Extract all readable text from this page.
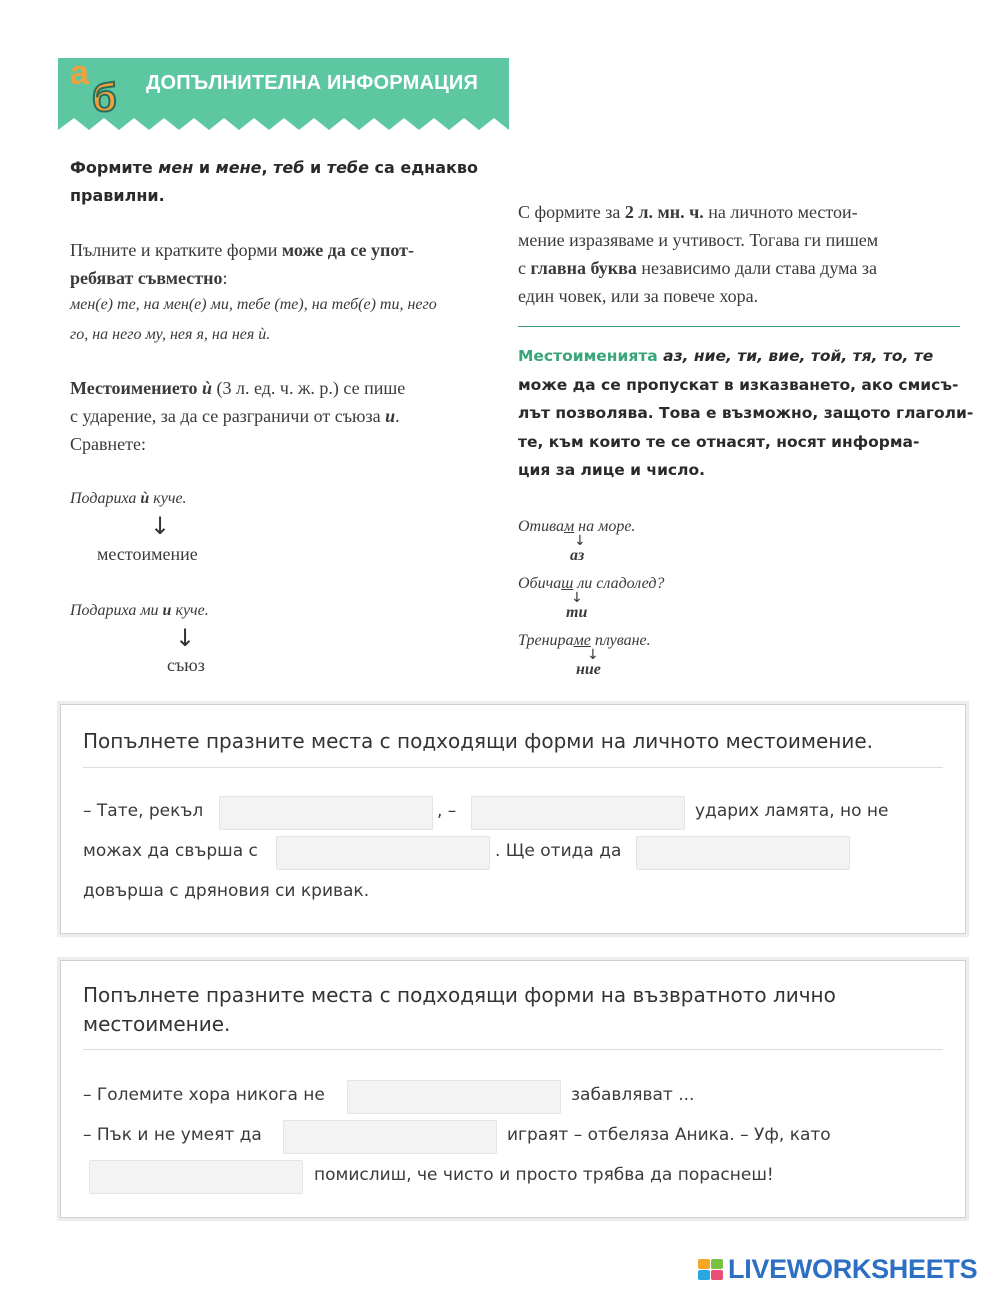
а
б ДОПЪЛНИТЕЛНА ИНФОРМАЦИЯ
Формите мен и мене, теб и тебе са еднакво
правилни.
Пълните и кратките форми може да се упот-
ребяват съвместно:
мен(е) те, на мен(е) ми, тебе (те), на теб(е) ти, него
го, на него му, нея я, на нея ѝ.
Местоимението ѝ (3 л. ед. ч. ж. р.) се пише
с ударение, за да се разграничи от съюза и.
Сравнете:
Подариха ѝ куче.
↓
местоимение
Подариха ми и куче.
↓
съюз
С формите за 2 л. мн. ч. на личното местои-
мение изразяваме и учтивост. Тогава ги пишем
с главна буква независимо дали става дума за
един човек, или за повече хора.
Местоименията аз, ние, ти, вие, той, тя, то, те
може да се пропускат в изказването, ако смисъ-
лът позволява. Това е възможно, защото глаголи-
те, към които те се отнасят, носят информа-
ция за лице и число.
Отивам на море.
↓
аз
Обичаш ли сладолед?
↓
ти
Тренираме плуване.
↓
ние
Попълнете празните места с подходящи форми на личното местоимение.
– Тате, рекъл	, –	ударих ламята, но не
можах да свърша с	. Ще отида да
довърша с дряновия си кривак.
Попълнете празните места с подходящи форми на възвратното лично
местоимение.
– Големите хора никога не	забавляват ...
– Пък и не умеят да	играят – отбеляза Аника. – Уф, като
помислиш, че чисто и просто трябва да пораснеш!
LIVEWORKSHEETS
